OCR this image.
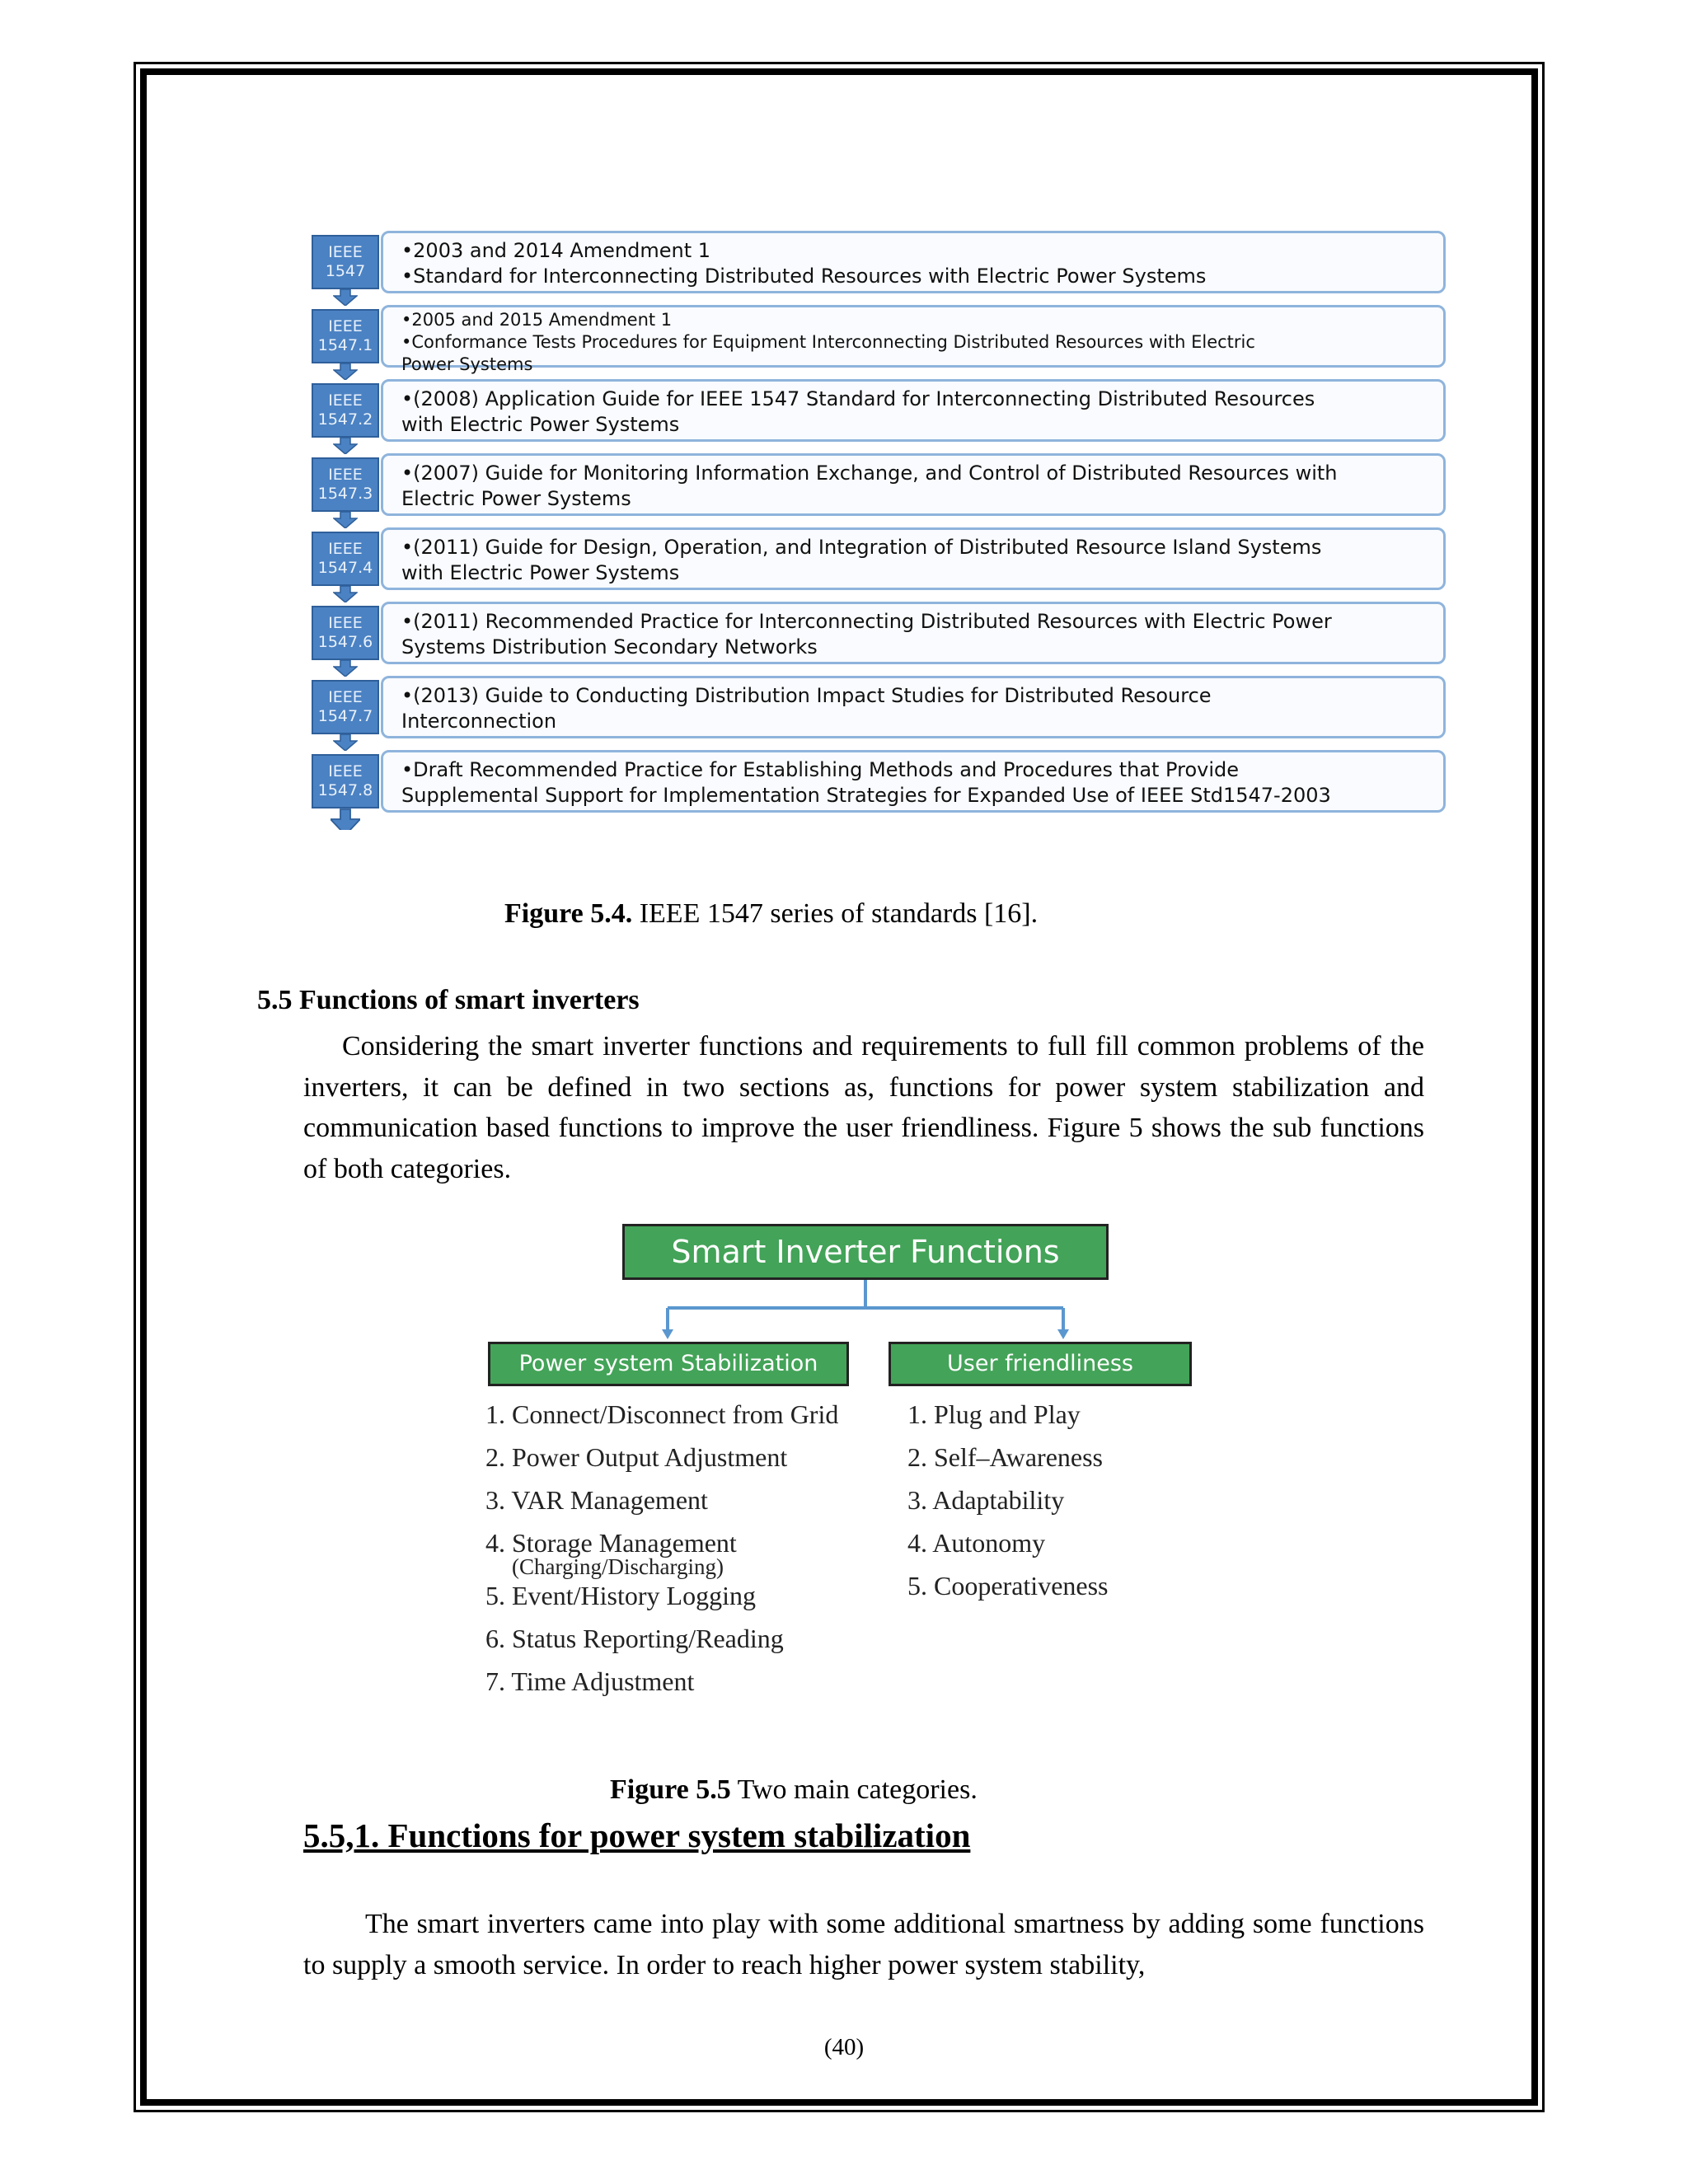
IEEE
1547
•2003 and 2014 Amendment 1
•Standard for Interconnecting Distributed Resources with Electric Power Systems
IEEE
1547.1
•2005 and 2015 Amendment 1
•Conformance Tests Procedures for Equipment Interconnecting Distributed Resources with Electric
Power Systems
IEEE
1547.2
•(2008) Application Guide for IEEE 1547 Standard for Interconnecting Distributed Resources
with Electric Power Systems
IEEE
1547.3
•(2007) Guide for Monitoring Information Exchange, and Control of Distributed Resources with
Electric Power Systems
IEEE
1547.4
•(2011) Guide for Design, Operation, and Integration of Distributed Resource Island Systems
with Electric Power Systems
IEEE
1547.6
•(2011) Recommended Practice for Interconnecting Distributed Resources with Electric Power
Systems Distribution Secondary Networks
IEEE
1547.7
•(2013) Guide to Conducting Distribution Impact Studies for Distributed Resource
Interconnection
IEEE
1547.8
•Draft Recommended Practice for Establishing Methods and Procedures that Provide
Supplemental Support for Implementation Strategies for Expanded Use of IEEE Std1547-2003
Figure 5.4. IEEE 1547 series of standards [16].
5.5 Functions of smart inverters
Considering the smart inverter functions and requirements to full fill common problems of the inverters, it can be defined in two sections as, functions for power system stabilization and communication based functions to improve the user friendliness. Figure 5 shows the sub functions of both categories.
Smart Inverter Functions
Power system Stabilization	User friendliness
1. Connect/Disconnect from Grid
2. Power Output Adjustment
3. VAR Management
4. Storage Management
(Charging/Discharging)
5. Event/History Logging
6. Status Reporting/Reading
7. Time Adjustment
1. Plug and Play
2. Self–Awareness
3. Adaptability
4. Autonomy
5. Cooperativeness
Figure 5.5 Two main categories.
5.5,1. Functions for power system stabilization
The smart inverters came into play with some additional smartness by adding some functions to supply a smooth service. In order to reach higher power system stability,
(40)
